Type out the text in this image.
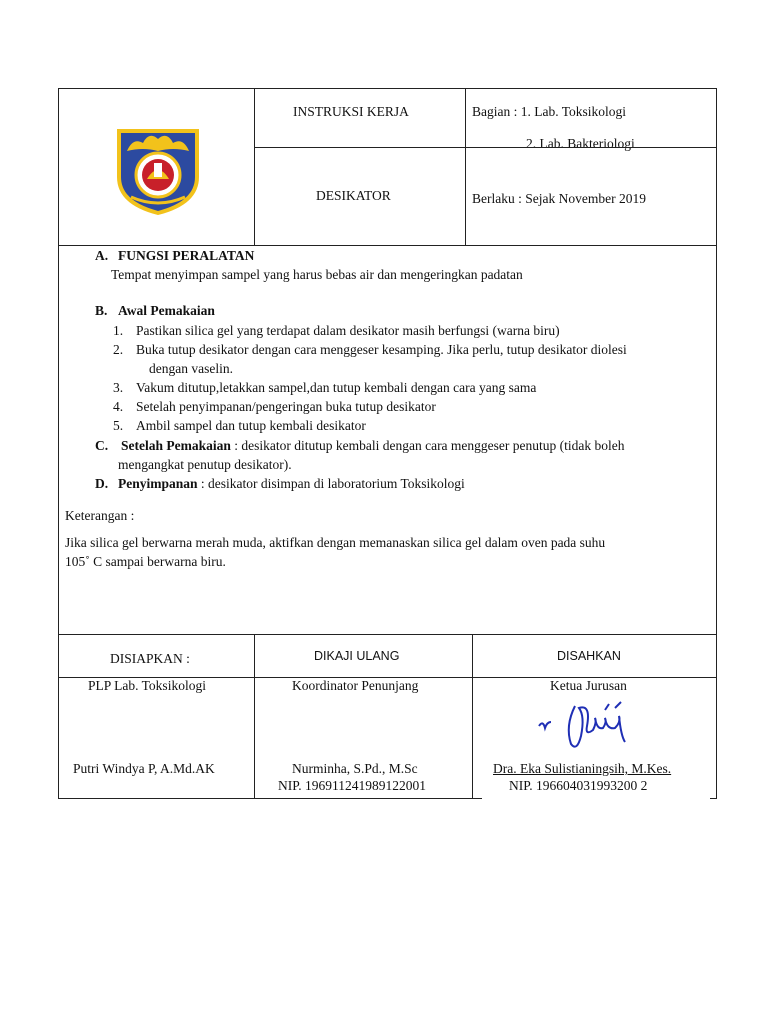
INSTRUKSI KERJA
DESIKATOR
Bagian : 1. Lab. Toksikologi
2. Lab. Bakteriologi
Berlaku : Sejak November 2019
A. FUNGSI PERALATAN
Tempat menyimpan sampel yang harus bebas air dan mengeringkan padatan
B. Awal Pemakaian
1. Pastikan silica gel yang terdapat dalam desikator masih berfungsi (warna biru)
2. Buka tutup desikator dengan cara menggeser kesamping. Jika perlu, tutup desikator diolesi
dengan vaselin.
3. Vakum ditutup,letakkan sampel,dan tutup kembali dengan cara yang sama
4. Setelah penyimpanan/pengeringan buka tutup desikator
5. Ambil sampel dan tutup kembali desikator
C. Setelah Pemakaian : desikator ditutup kembali dengan cara menggeser penutup (tidak boleh
mengangkat penutup desikator).
D. Penyimpanan : desikator disimpan di laboratorium Toksikologi
Keterangan :
Jika silica gel berwarna merah muda, aktifkan dengan memanaskan silica gel dalam oven pada suhu
105˚ C sampai berwarna biru.
DISIAPKAN :	DIKAJI ULANG	DISAHKAN
PLP Lab. Toksikologi
Putri Windya P, A.Md.AK
Koordinator Penunjang
Nurminha, S.Pd., M.Sc
NIP. 196911241989122001
Ketua Jurusan
Dra. Eka Sulistianingsih, M.Kes.
NIP. 196604031993200 2
